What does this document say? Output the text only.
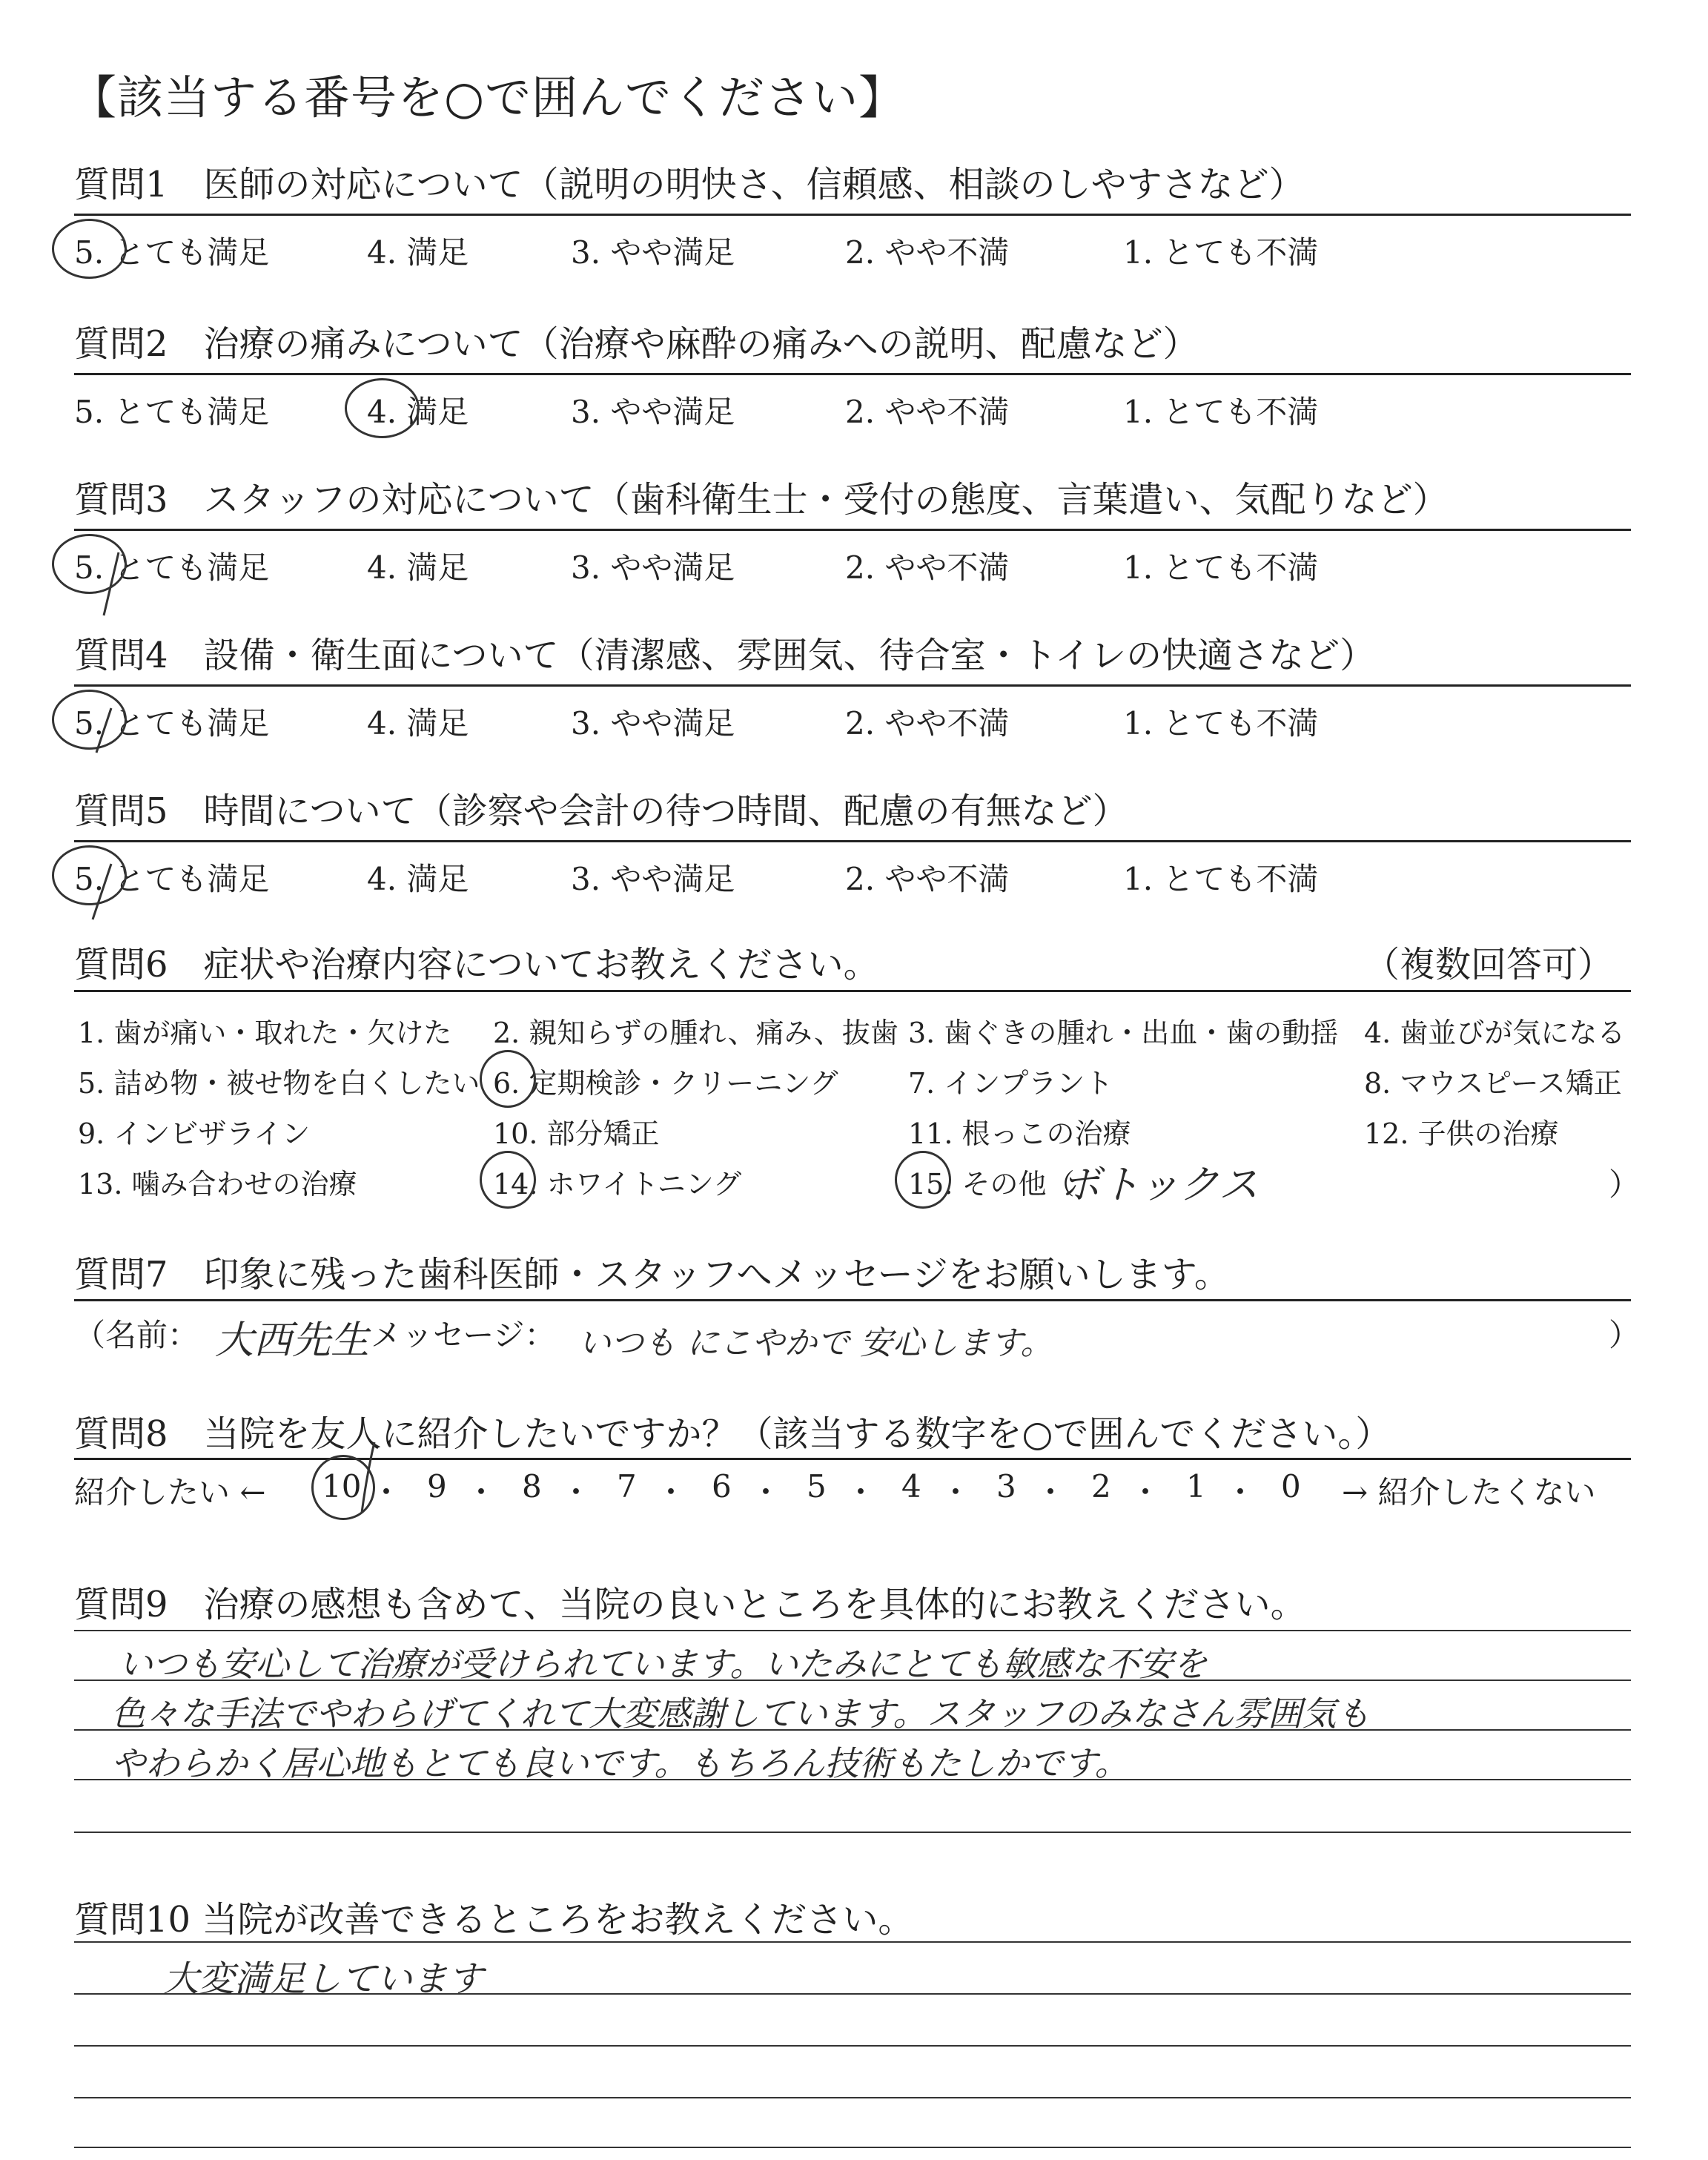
【該当する番号を○で囲んでください】
質問1　医師の対応について（説明の明快さ、信頼感、相談のしやすさなど）
5. とても満足	4. 満足	3. やや満足	2. やや不満	1. とても不満
質問2　治療の痛みについて（治療や麻酔の痛みへの説明、配慮など）
5. とても満足	4. 満足	3. やや満足	2. やや不満	1. とても不満
質問3　スタッフの対応について（歯科衛生士・受付の態度、言葉遣い、気配りなど）
5. とても満足	4. 満足	3. やや満足	2. やや不満	1. とても不満
質問4　設備・衛生面について（清潔感、雰囲気、待合室・トイレの快適さなど）
5. とても満足	4. 満足	3. やや満足	2. やや不満	1. とても不満
質問5　時間について（診察や会計の待つ時間、配慮の有無など）
5. とても満足	4. 満足	3. やや満足	2. やや不満	1. とても不満
質問6　症状や治療内容についてお教えください。	（複数回答可）
1. 歯が痛い・取れた・欠けた 2. 親知らずの腫れ、痛み、抜歯 3. 歯ぐきの腫れ・出血・歯の動揺 4. 歯並びが気になる
5. 詰め物・被せ物を白くしたい 6. 定期検診・クリーニング 7. インプラント	8. マウスピース矯正
9. インビザライン	10. 部分矯正	11. 根っこの治療	12. 子供の治療
13. 噛み合わせの治療	14. ホワイトニング	15. その他（
ボトックス	）
質問7　印象に残った歯科医師・スタッフへメッセージをお願いします。
（名前： 大西先生 メッセージ： いつも にこやかで 安心します。	）
質問8　当院を友人に紹介したいですか？（該当する数字を○で囲んでください。）
紹介したい ← 10 ・ 9 ・ 8 ・ 7 ・ 6 ・ 5 ・ 4 ・ 3 ・ 2 ・ 1 ・ 0 → 紹介したくない
質問9　治療の感想も含めて、当院の良いところを具体的にお教えください。
いつも安心して治療が受けられています。いたみにとても敏感な不安を
色々な手法でやわらげてくれて大変感謝しています。スタッフのみなさん雰囲気も
やわらかく居心地もとても良いです。もちろん技術もたしかです。
質問10 当院が改善できるところをお教えください。
大変満足しています
